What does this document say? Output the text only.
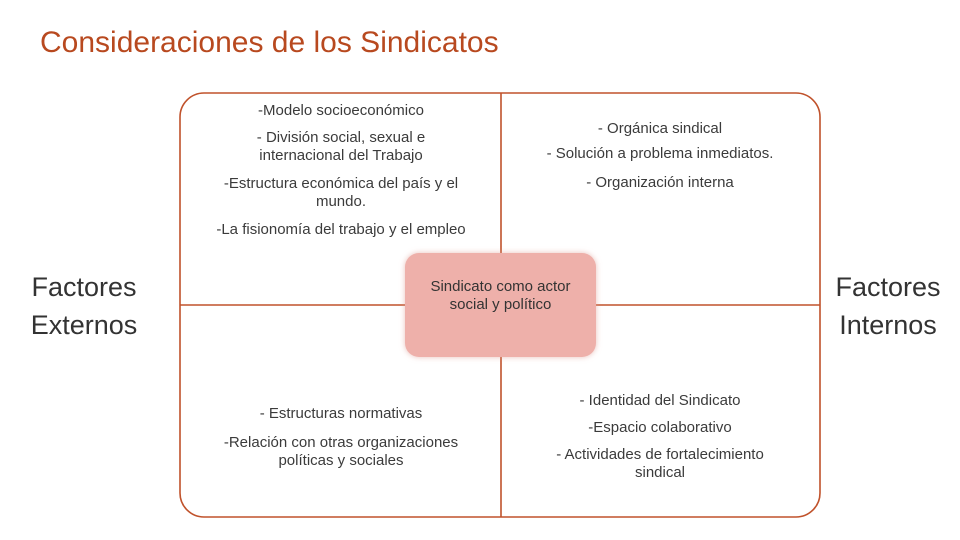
Consideraciones de los Sindicatos
Factores
Externos
Factores
Internos

-Modelo socioeconómico

- División social, sexual e internacional del Trabajo

-Estructura económica del país y el mundo.

-La fisionomía del trabajo y el empleo

- Orgánica sindical

- Solución a problema inmediatos.

- Organización interna

- Estructuras normativas

-Relación con otras organizaciones políticas y sociales

- Identidad del Sindicato

-Espacio colaborativo

- Actividades de fortalecimiento sindical

Sindicato como actor social y político
